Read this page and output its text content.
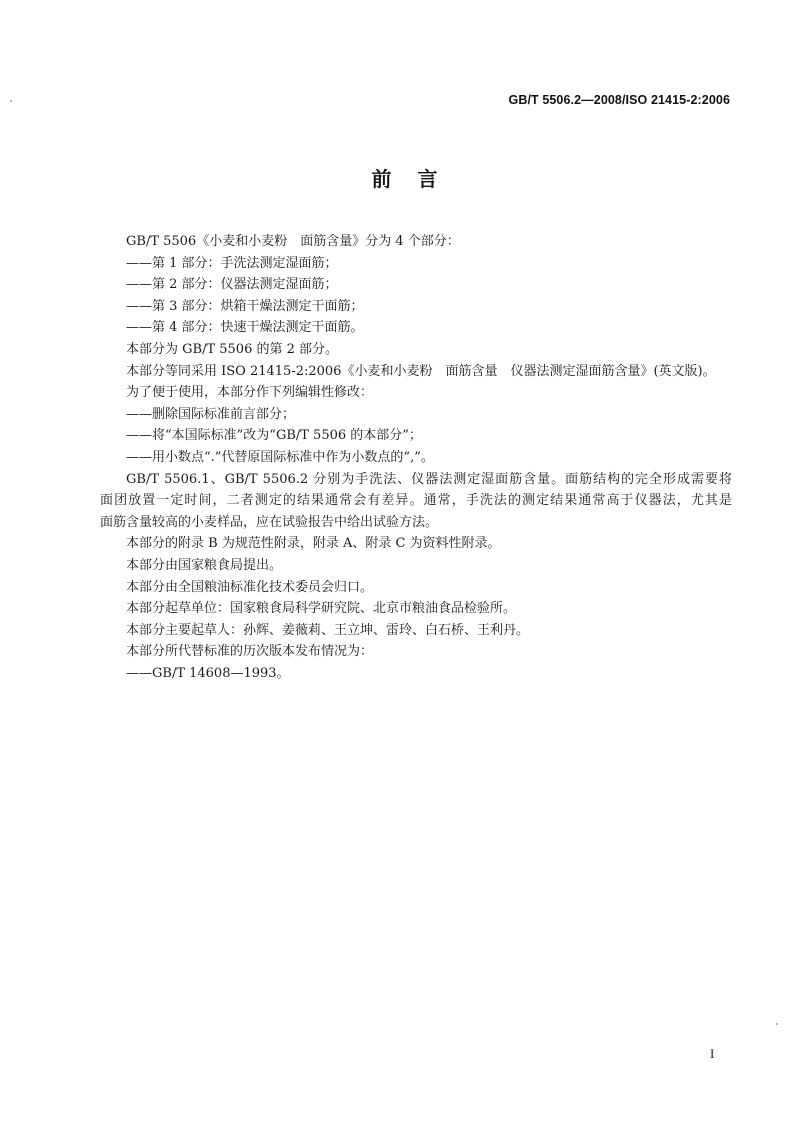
GB/T 5506.2—2008/ISO 21415-2:2006
前言
GB/T 5506《小麦和小麦粉　面筋含量》分为 4 个部分：
——第 1 部分：手洗法测定湿面筋；
——第 2 部分：仪器法测定湿面筋；
——第 3 部分：烘箱干燥法测定干面筋；
——第 4 部分：快速干燥法测定干面筋。
本部分为 GB/T 5506 的第 2 部分。
本部分等同采用 ISO 21415-2:2006《小麦和小麦粉　面筋含量　仪器法测定湿面筋含量》(英文版)。
为了便于使用，本部分作下列编辑性修改：
——删除国际标准前言部分；
——将“本国际标准”改为“GB/T 5506 的本部分”；
——用小数点“.”代替原国际标准中作为小数点的“,”。
GB/T 5506.1、GB/T 5506.2 分别为手洗法、仪器法测定湿面筋含量。面筋结构的完全形成需要将
面团放置一定时间，二者测定的结果通常会有差异。通常，手洗法的测定结果通常高于仪器法，尤其是
面筋含量较高的小麦样品，应在试验报告中给出试验方法。
本部分的附录 B 为规范性附录，附录 A、附录 C 为资料性附录。
本部分由国家粮食局提出。
本部分由全国粮油标准化技术委员会归口。
本部分起草单位：国家粮食局科学研究院、北京市粮油食品检验所。
本部分主要起草人：孙辉、姜薇莉、王立坤、雷玲、白石桥、王利丹。
本部分所代替标准的历次版本发布情况为：
——GB/T 14608—1993。
I
